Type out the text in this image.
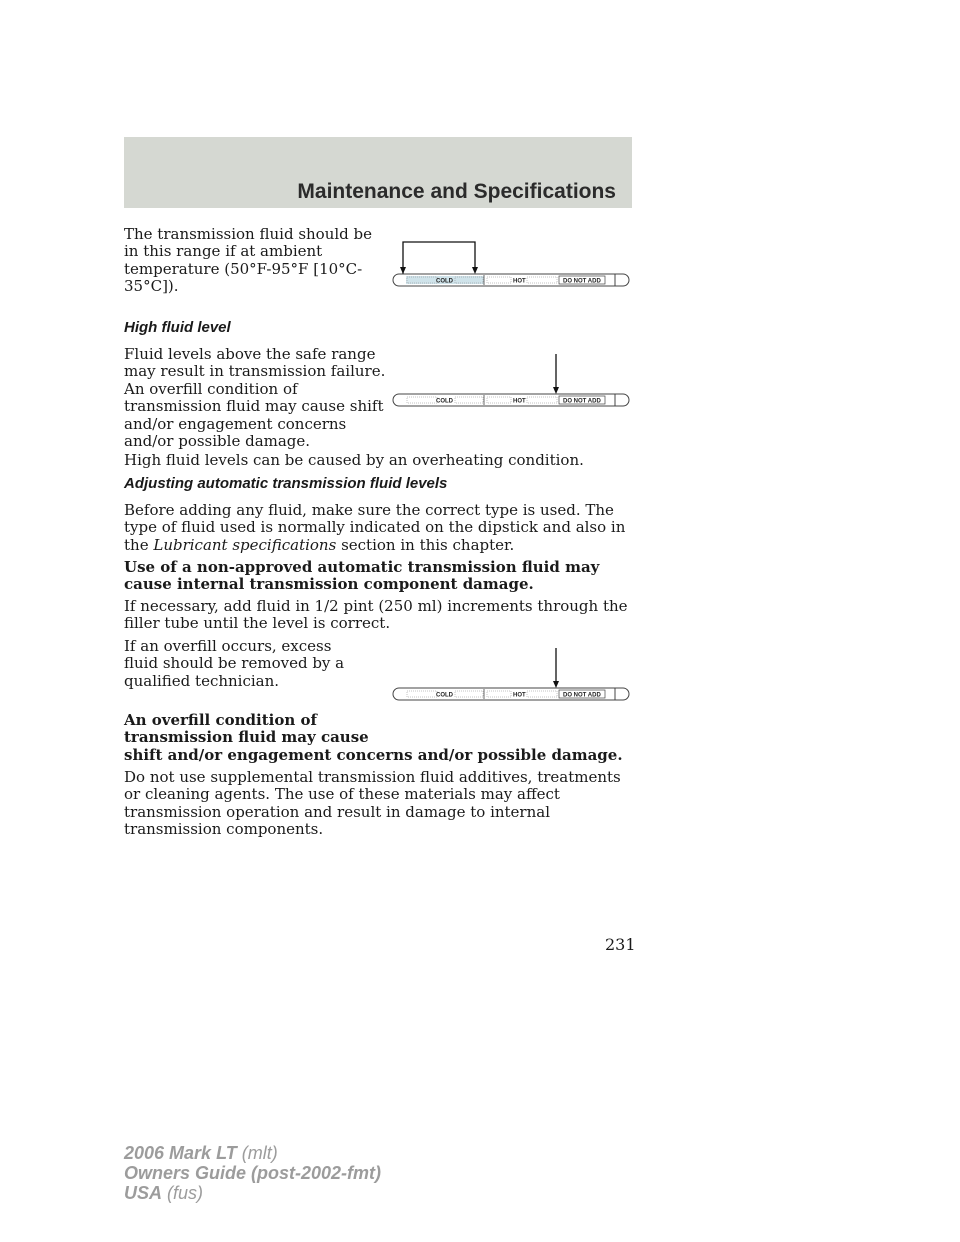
Maintenance and Specifications

The transmission fluid should be in this range if at ambient temperature (50°F-95°F [10°C-35°C]).	COLD	HOT	DO NOT ADD
High fluid level

Fluid levels above the safe range may result in transmission failure. An overfill condition of transmission fluid may cause shift and/or engagement concerns and/or possible damage.

COLD	HOT	DO NOT ADD

High fluid levels can be caused by an overheating condition.

Adjusting automatic transmission fluid levels

Before adding any fluid, make sure the correct type is used. The type of fluid used is normally indicated on the dipstick and also in the Lubricant specifications section in this chapter.

Use of a non-approved automatic transmission fluid may cause internal transmission component damage.

If necessary, add fluid in 1/2 pint (250 ml) increments through the filler tube until the level is correct.

If an overfill occurs, excess fluid should be removed by a qualified technician.

COLD	HOT	DO NOT ADD

An overfill condition of

transmission fluid may cause

shift and/or engagement concerns and/or possible damage.

Do not use supplemental transmission fluid additives, treatments or cleaning agents. The use of these materials may affect transmission operation and result in damage to internal transmission components.

231
2006 Mark LT (mlt)
Owners Guide (post-2002-fmt)
USA (fus)
